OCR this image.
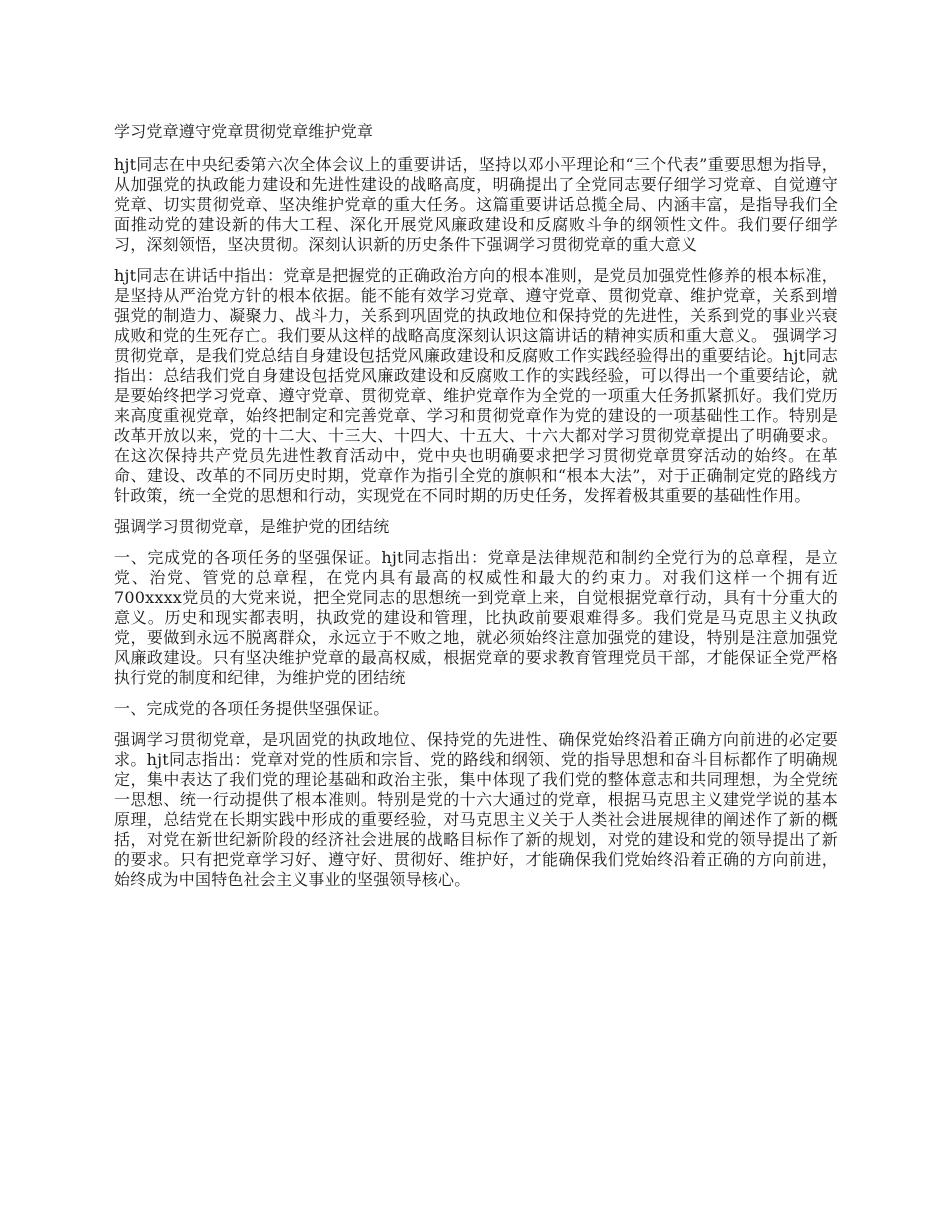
学习党章遵守党章贯彻党章维护党章

hjt同志在中央纪委第六次全体会议上的重要讲话，坚持以邓小平理论和“三个代表”重要思想为指导，从加强党的执政能力建设和先进性建设的战略高度，明确提出了全党同志要仔细学习党章、自觉遵守党章、切实贯彻党章、坚决维护党章的重大任务。这篇重要讲话总揽全局、内涵丰富，是指导我们全面推动党的建设新的伟大工程、深化开展党风廉政建设和反腐败斗争的纲领性文件。我们要仔细学习，深刻领悟，坚决贯彻。深刻认识新的历史条件下强调学习贯彻党章的重大意义

hjt同志在讲话中指出：党章是把握党的正确政治方向的根本准则，是党员加强党性修养的根本标准，是坚持从严治党方针的根本依据。能不能有效学习党章、遵守党章、贯彻党章、维护党章，关系到增强党的制造力、凝聚力、战斗力，关系到巩固党的执政地位和保持党的先进性，关系到党的事业兴衰成败和党的生死存亡。我们要从这样的战略高度深刻认识这篇讲话的精神实质和重大意义。 强调学习贯彻党章，是我们党总结自身建设包括党风廉政建设和反腐败工作实践经验得出的重要结论。hjt同志指出：总结我们党自身建设包括党风廉政建设和反腐败工作的实践经验，可以得出一个重要结论，就是要始终把学习党章、遵守党章、贯彻党章、维护党章作为全党的一项重大任务抓紧抓好。我们党历来高度重视党章，始终把制定和完善党章、学习和贯彻党章作为党的建设的一项基础性工作。特别是改革开放以来，党的十二大、十三大、十四大、十五大、十六大都对学习贯彻党章提出了明确要求。在这次保持共产党员先进性教育活动中，党中央也明确要求把学习贯彻党章贯穿活动的始终。在革命、建设、改革的不同历史时期，党章作为指引全党的旗帜和“根本大法”，对于正确制定党的路线方针政策，统一全党的思想和行动，实现党在不同时期的历史任务，发挥着极其重要的基础性作用。

强调学习贯彻党章，是维护党的团结统

一、完成党的各项任务的坚强保证。hjt同志指出：党章是法律规范和制约全党行为的总章程，是立党、治党、管党的总章程，在党内具有最高的权威性和最大的约束力。对我们这样一个拥有近700xxxx党员的大党来说，把全党同志的思想统一到党章上来，自觉根据党章行动，具有十分重大的意义。历史和现实都表明，执政党的建设和管理，比执政前要艰难得多。我们党是马克思主义执政党，要做到永远不脱离群众，永远立于不败之地，就必须始终注意加强党的建设，特别是注意加强党风廉政建设。只有坚决维护党章的最高权威，根据党章的要求教育管理党员干部，才能保证全党严格执行党的制度和纪律，为维护党的团结统

一、完成党的各项任务提供坚强保证。

强调学习贯彻党章，是巩固党的执政地位、保持党的先进性、确保党始终沿着正确方向前进的必定要求。hjt同志指出：党章对党的性质和宗旨、党的路线和纲领、党的指导思想和奋斗目标都作了明确规定，集中表达了我们党的理论基础和政治主张，集中体现了我们党的整体意志和共同理想，为全党统一思想、统一行动提供了根本准则。特别是党的十六大通过的党章，根据马克思主义建党学说的基本原理，总结党在长期实践中形成的重要经验，对马克思主义关于人类社会进展规律的阐述作了新的概括，对党在新世纪新阶段的经济社会进展的战略目标作了新的规划，对党的建设和党的领导提出了新的要求。只有把党章学习好、遵守好、贯彻好、维护好，才能确保我们党始终沿着正确的方向前进，始终成为中国特色社会主义事业的坚强领导核心。
